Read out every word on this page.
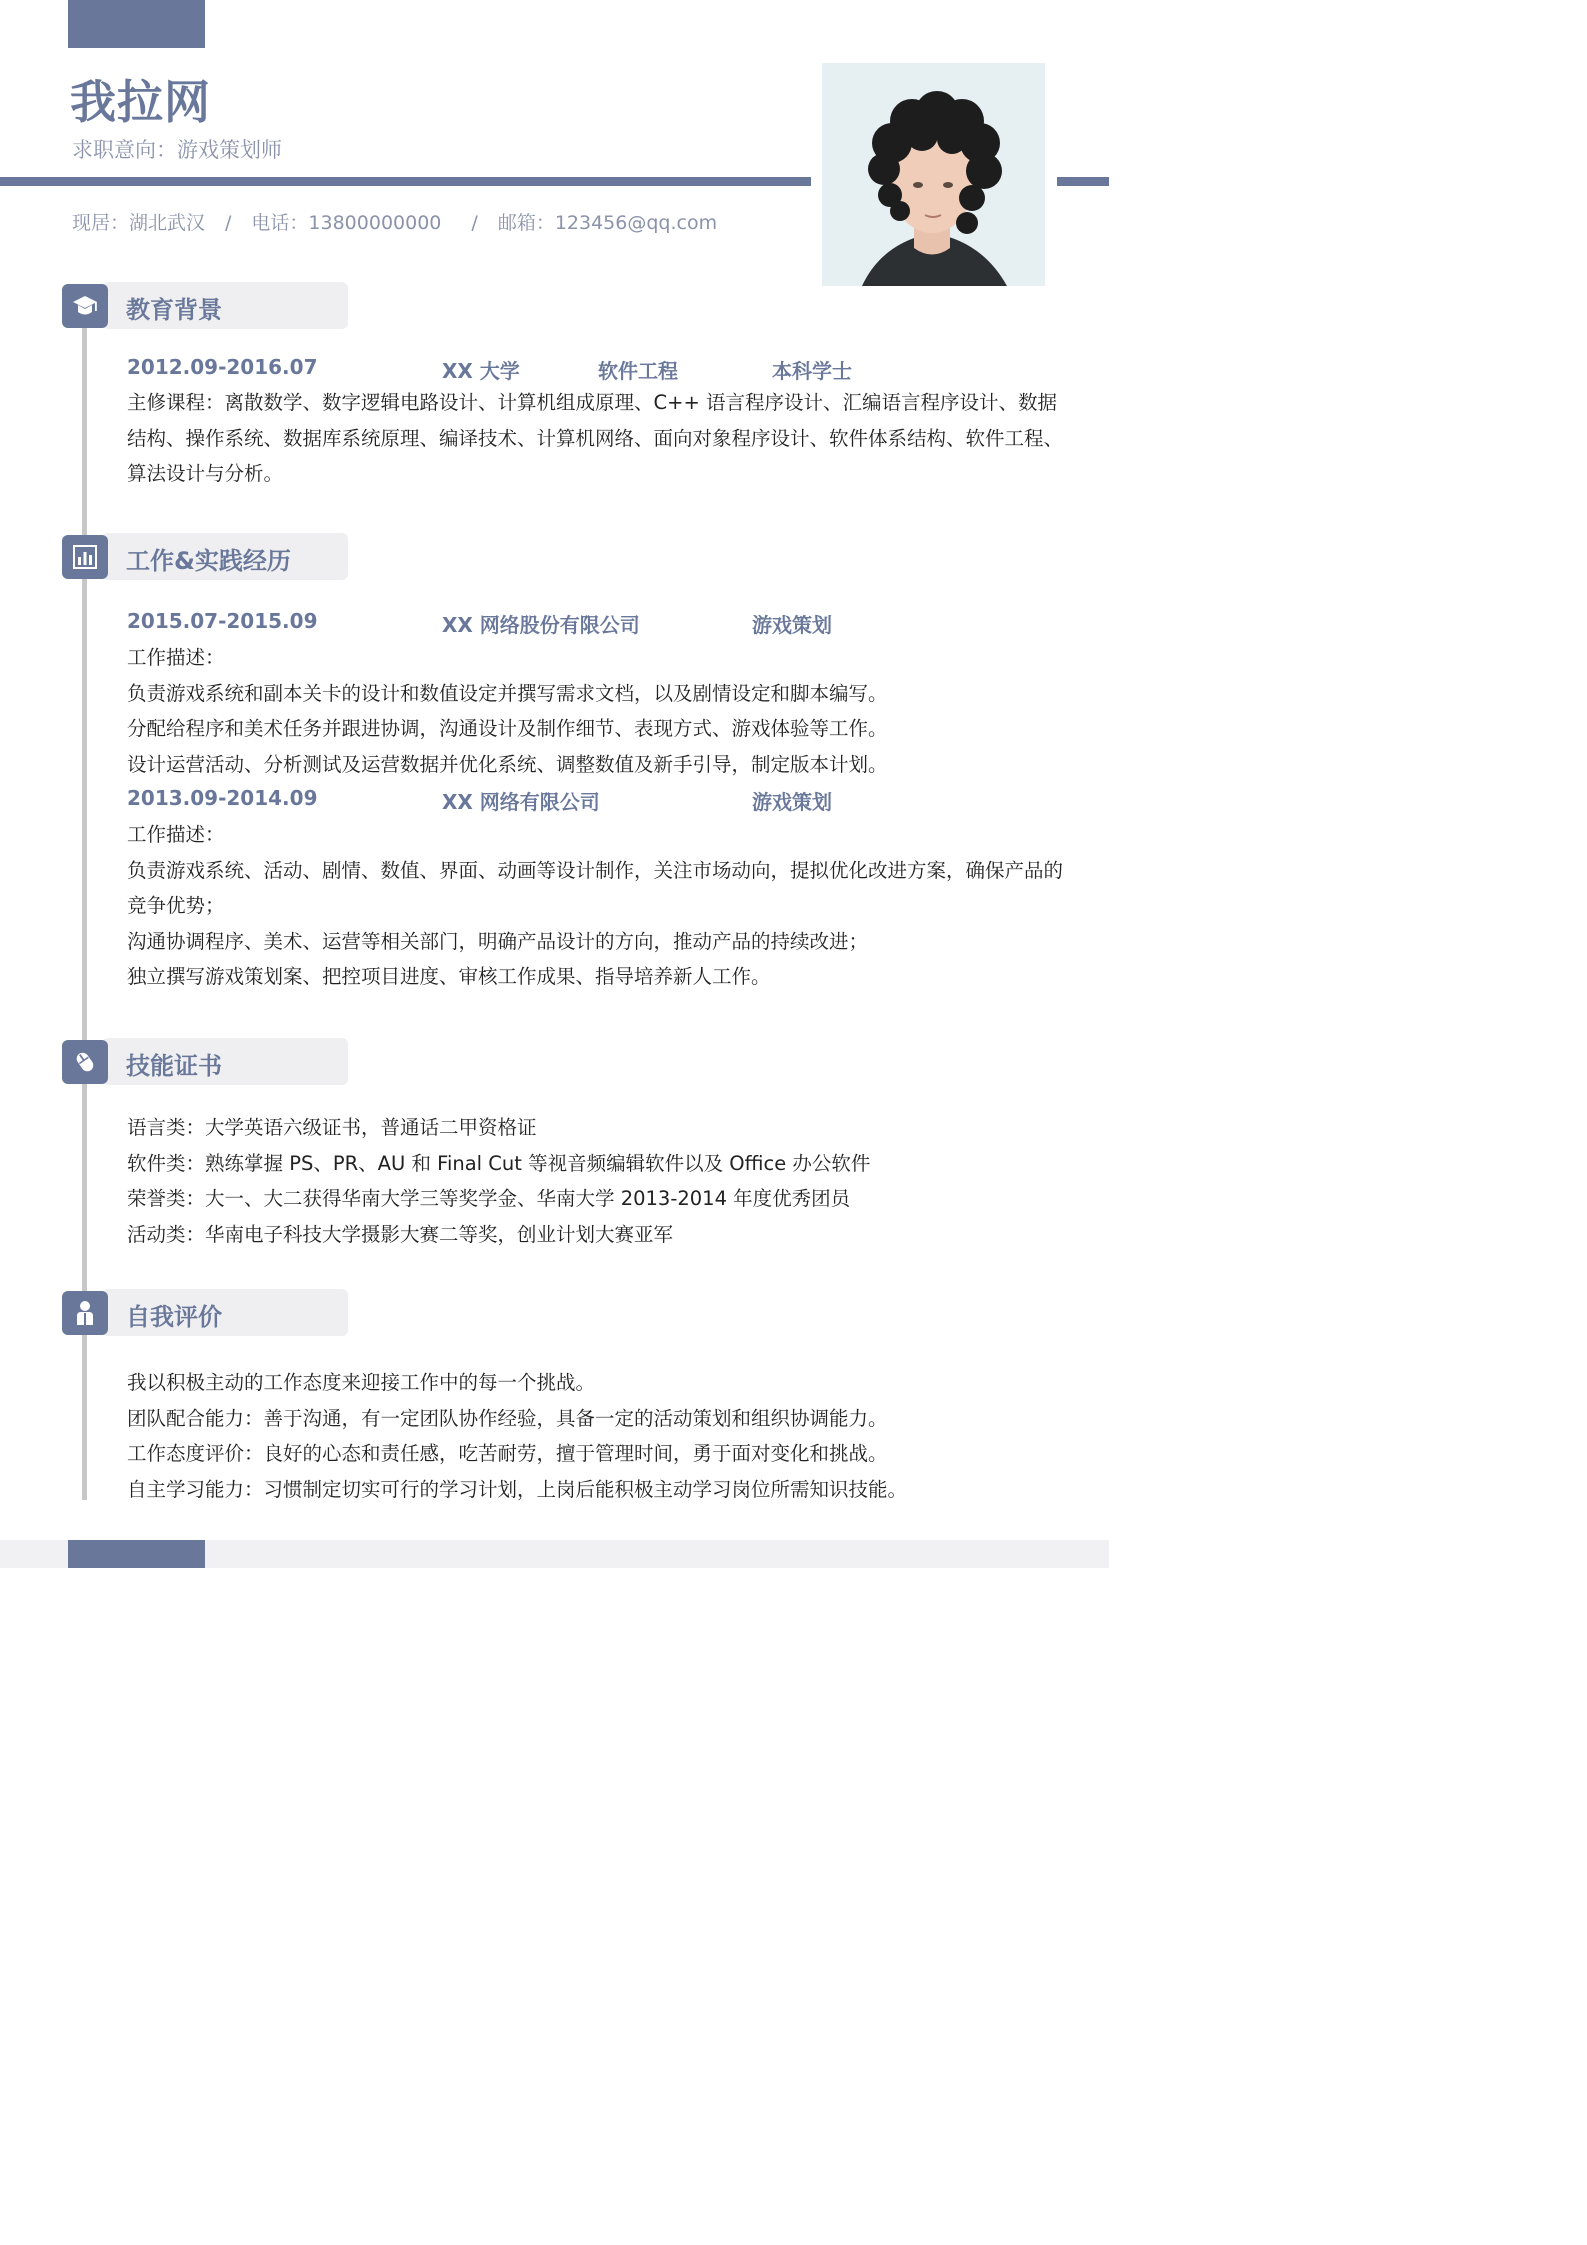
我拉网
求职意向：游戏策划师
现居：湖北武汉 / 电话：13800000000 / 邮箱：123456@qq.com
教育背景
2012.09-2016.07	XX 大学	软件工程	本科学士

主修课程：离散数学、数字逻辑电路设计、计算机组成原理、C++ 语言程序设计、汇编语言程序设计、数据结构、操作系统、数据库系统原理、编译技术、计算机网络、面向对象程序设计、软件体系结构、软件工程、算法设计与分析。

工作&实践经历
2015.07-2015.09	XX 网络股份有限公司	游戏策划

工作描述：

负责游戏系统和副本关卡的设计和数值设定并撰写需求文档，以及剧情设定和脚本编写。

分配给程序和美术任务并跟进协调，沟通设计及制作细节、表现方式、游戏体验等工作。

设计运营活动、分析测试及运营数据并优化系统、调整数值及新手引导，制定版本计划。

2013.09-2014.09	XX 网络有限公司	游戏策划

工作描述：

负责游戏系统、活动、剧情、数值、界面、动画等设计制作，关注市场动向，提拟优化改进方案，确保产品的竞争优势；

沟通协调程序、美术、运营等相关部门，明确产品设计的方向，推动产品的持续改进；

独立撰写游戏策划案、把控项目进度、审核工作成果、指导培养新人工作。

技能证书

语言类：大学英语六级证书，普通话二甲资格证

软件类：熟练掌握 PS、PR、AU 和 Final Cut 等视音频编辑软件以及 Office 办公软件

荣誉类：大一、大二获得华南大学三等奖学金、华南大学 2013-2014 年度优秀团员

活动类：华南电子科技大学摄影大赛二等奖，创业计划大赛亚军

自我评价

我以积极主动的工作态度来迎接工作中的每一个挑战。

团队配合能力：善于沟通，有一定团队协作经验，具备一定的活动策划和组织协调能力。

工作态度评价：良好的心态和责任感，吃苦耐劳，擅于管理时间，勇于面对变化和挑战。

自主学习能力：习惯制定切实可行的学习计划，上岗后能积极主动学习岗位所需知识技能。
